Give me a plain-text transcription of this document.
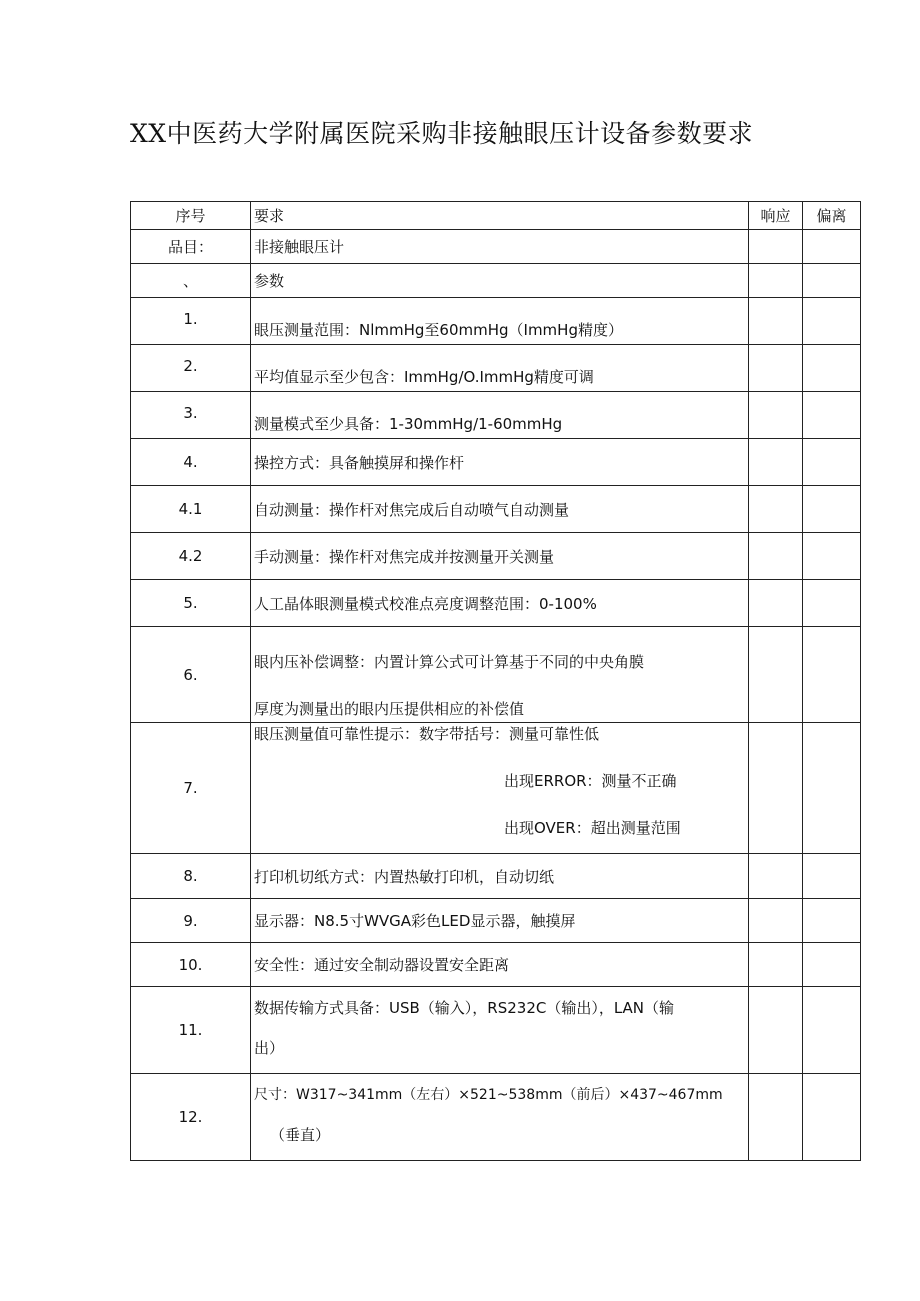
XX中医药大学附属医院采购非接触眼压计设备参数要求
序号	要求	响应	偏离
品目：	非接触眼压计		
、	参数		
1.	眼压测量范围：NlmmHg至60mmHg（ImmHg精度）		
2.	平均值显示至少包含：ImmHg/O.ImmHg精度可调		
3.	测量模式至少具备：1-30mmHg/1-60mmHg		
4.	操控方式：具备触摸屏和操作杆		
4.1	自动测量：操作杆对焦完成后自动喷气自动测量		
4.2	手动测量：操作杆对焦完成并按测量开关测量		
5.	人工晶体眼测量模式校准点亮度调整范围：0-100%		
6.	眼内压补偿调整：内置计算公式可计算基于不同的中央角膜
厚度为测量出的眼内压提供相应的补偿值		

7.	眼压测量值可靠性提示：数字带括号：测量可靠性低
出现ERROR：测量不正确
出现OVER：超出测量范围		

8.	打印机切纸方式：内置热敏打印机，自动切纸		
9.	显示器：N8.5寸WVGA彩色LED显示器，触摸屏		
10.	安全性：通过安全制动器设置安全距离		
11.	数据传输方式具备：USB（输入），RS232C（输出），LAN（输
出）		

12.	尺寸：W317~341mm（左右）×521~538mm（前后）×437~467mm
（垂直）		
